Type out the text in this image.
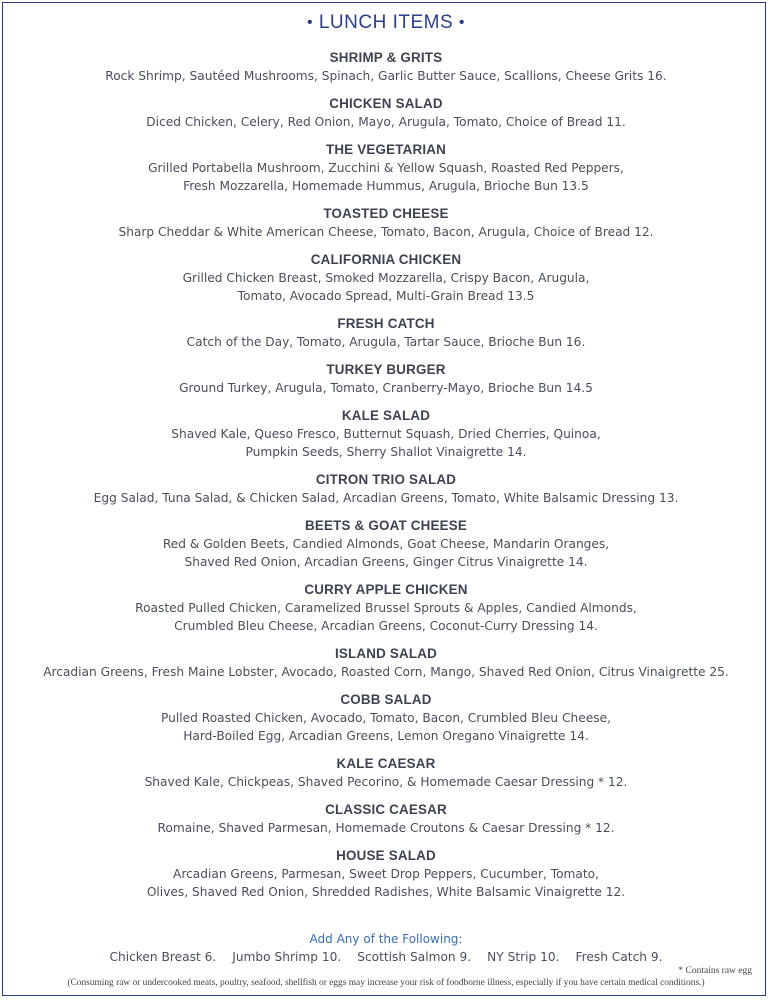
• LUNCH ITEMS •
SHRIMP & GRITS
Rock Shrimp, Sautéed Mushrooms, Spinach, Garlic Butter Sauce, Scallions, Cheese Grits 16.
CHICKEN SALAD
Diced Chicken, Celery, Red Onion, Mayo, Arugula, Tomato, Choice of Bread 11.
THE VEGETARIAN
Grilled Portabella Mushroom, Zucchini & Yellow Squash, Roasted Red Peppers,
Fresh Mozzarella, Homemade Hummus, Arugula, Brioche Bun 13.5
TOASTED CHEESE
Sharp Cheddar & White American Cheese, Tomato, Bacon, Arugula, Choice of Bread 12.
CALIFORNIA CHICKEN
Grilled Chicken Breast, Smoked Mozzarella, Crispy Bacon, Arugula,
Tomato, Avocado Spread, Multi-Grain Bread 13.5
FRESH CATCH
Catch of the Day, Tomato, Arugula, Tartar Sauce, Brioche Bun 16.
TURKEY BURGER
Ground Turkey, Arugula, Tomato, Cranberry-Mayo, Brioche Bun 14.5
KALE SALAD
Shaved Kale, Queso Fresco, Butternut Squash, Dried Cherries, Quinoa,
Pumpkin Seeds, Sherry Shallot Vinaigrette 14.
CITRON TRIO SALAD
Egg Salad, Tuna Salad, & Chicken Salad, Arcadian Greens, Tomato, White Balsamic Dressing 13.
BEETS & GOAT CHEESE
Red & Golden Beets, Candied Almonds, Goat Cheese, Mandarin Oranges,
Shaved Red Onion, Arcadian Greens, Ginger Citrus Vinaigrette 14.
CURRY APPLE CHICKEN
Roasted Pulled Chicken, Caramelized Brussel Sprouts & Apples, Candied Almonds,
Crumbled Bleu Cheese, Arcadian Greens, Coconut-Curry Dressing 14.
ISLAND SALAD
Arcadian Greens, Fresh Maine Lobster, Avocado, Roasted Corn, Mango, Shaved Red Onion, Citrus Vinaigrette 25.
COBB SALAD
Pulled Roasted Chicken, Avocado, Tomato, Bacon, Crumbled Bleu Cheese,
Hard-Boiled Egg, Arcadian Greens, Lemon Oregano Vinaigrette 14.
KALE CAESAR
Shaved Kale, Chickpeas, Shaved Pecorino, & Homemade Caesar Dressing * 12.
CLASSIC CAESAR
Romaine, Shaved Parmesan, Homemade Croutons & Caesar Dressing * 12.
HOUSE SALAD
Arcadian Greens, Parmesan, Sweet Drop Peppers, Cucumber, Tomato,
Olives, Shaved Red Onion, Shredded Radishes, White Balsamic Vinaigrette 12.
Add Any of the Following:
Chicken Breast 6. Jumbo Shrimp 10. Scottish Salmon 9. NY Strip 10. Fresh Catch 9.
* Contains raw egg
(Consuming raw or undercooked meats, poultry, seafood, shellfish or eggs may increase your risk of foodborne illness, especially if you have certain medical conditions.)
